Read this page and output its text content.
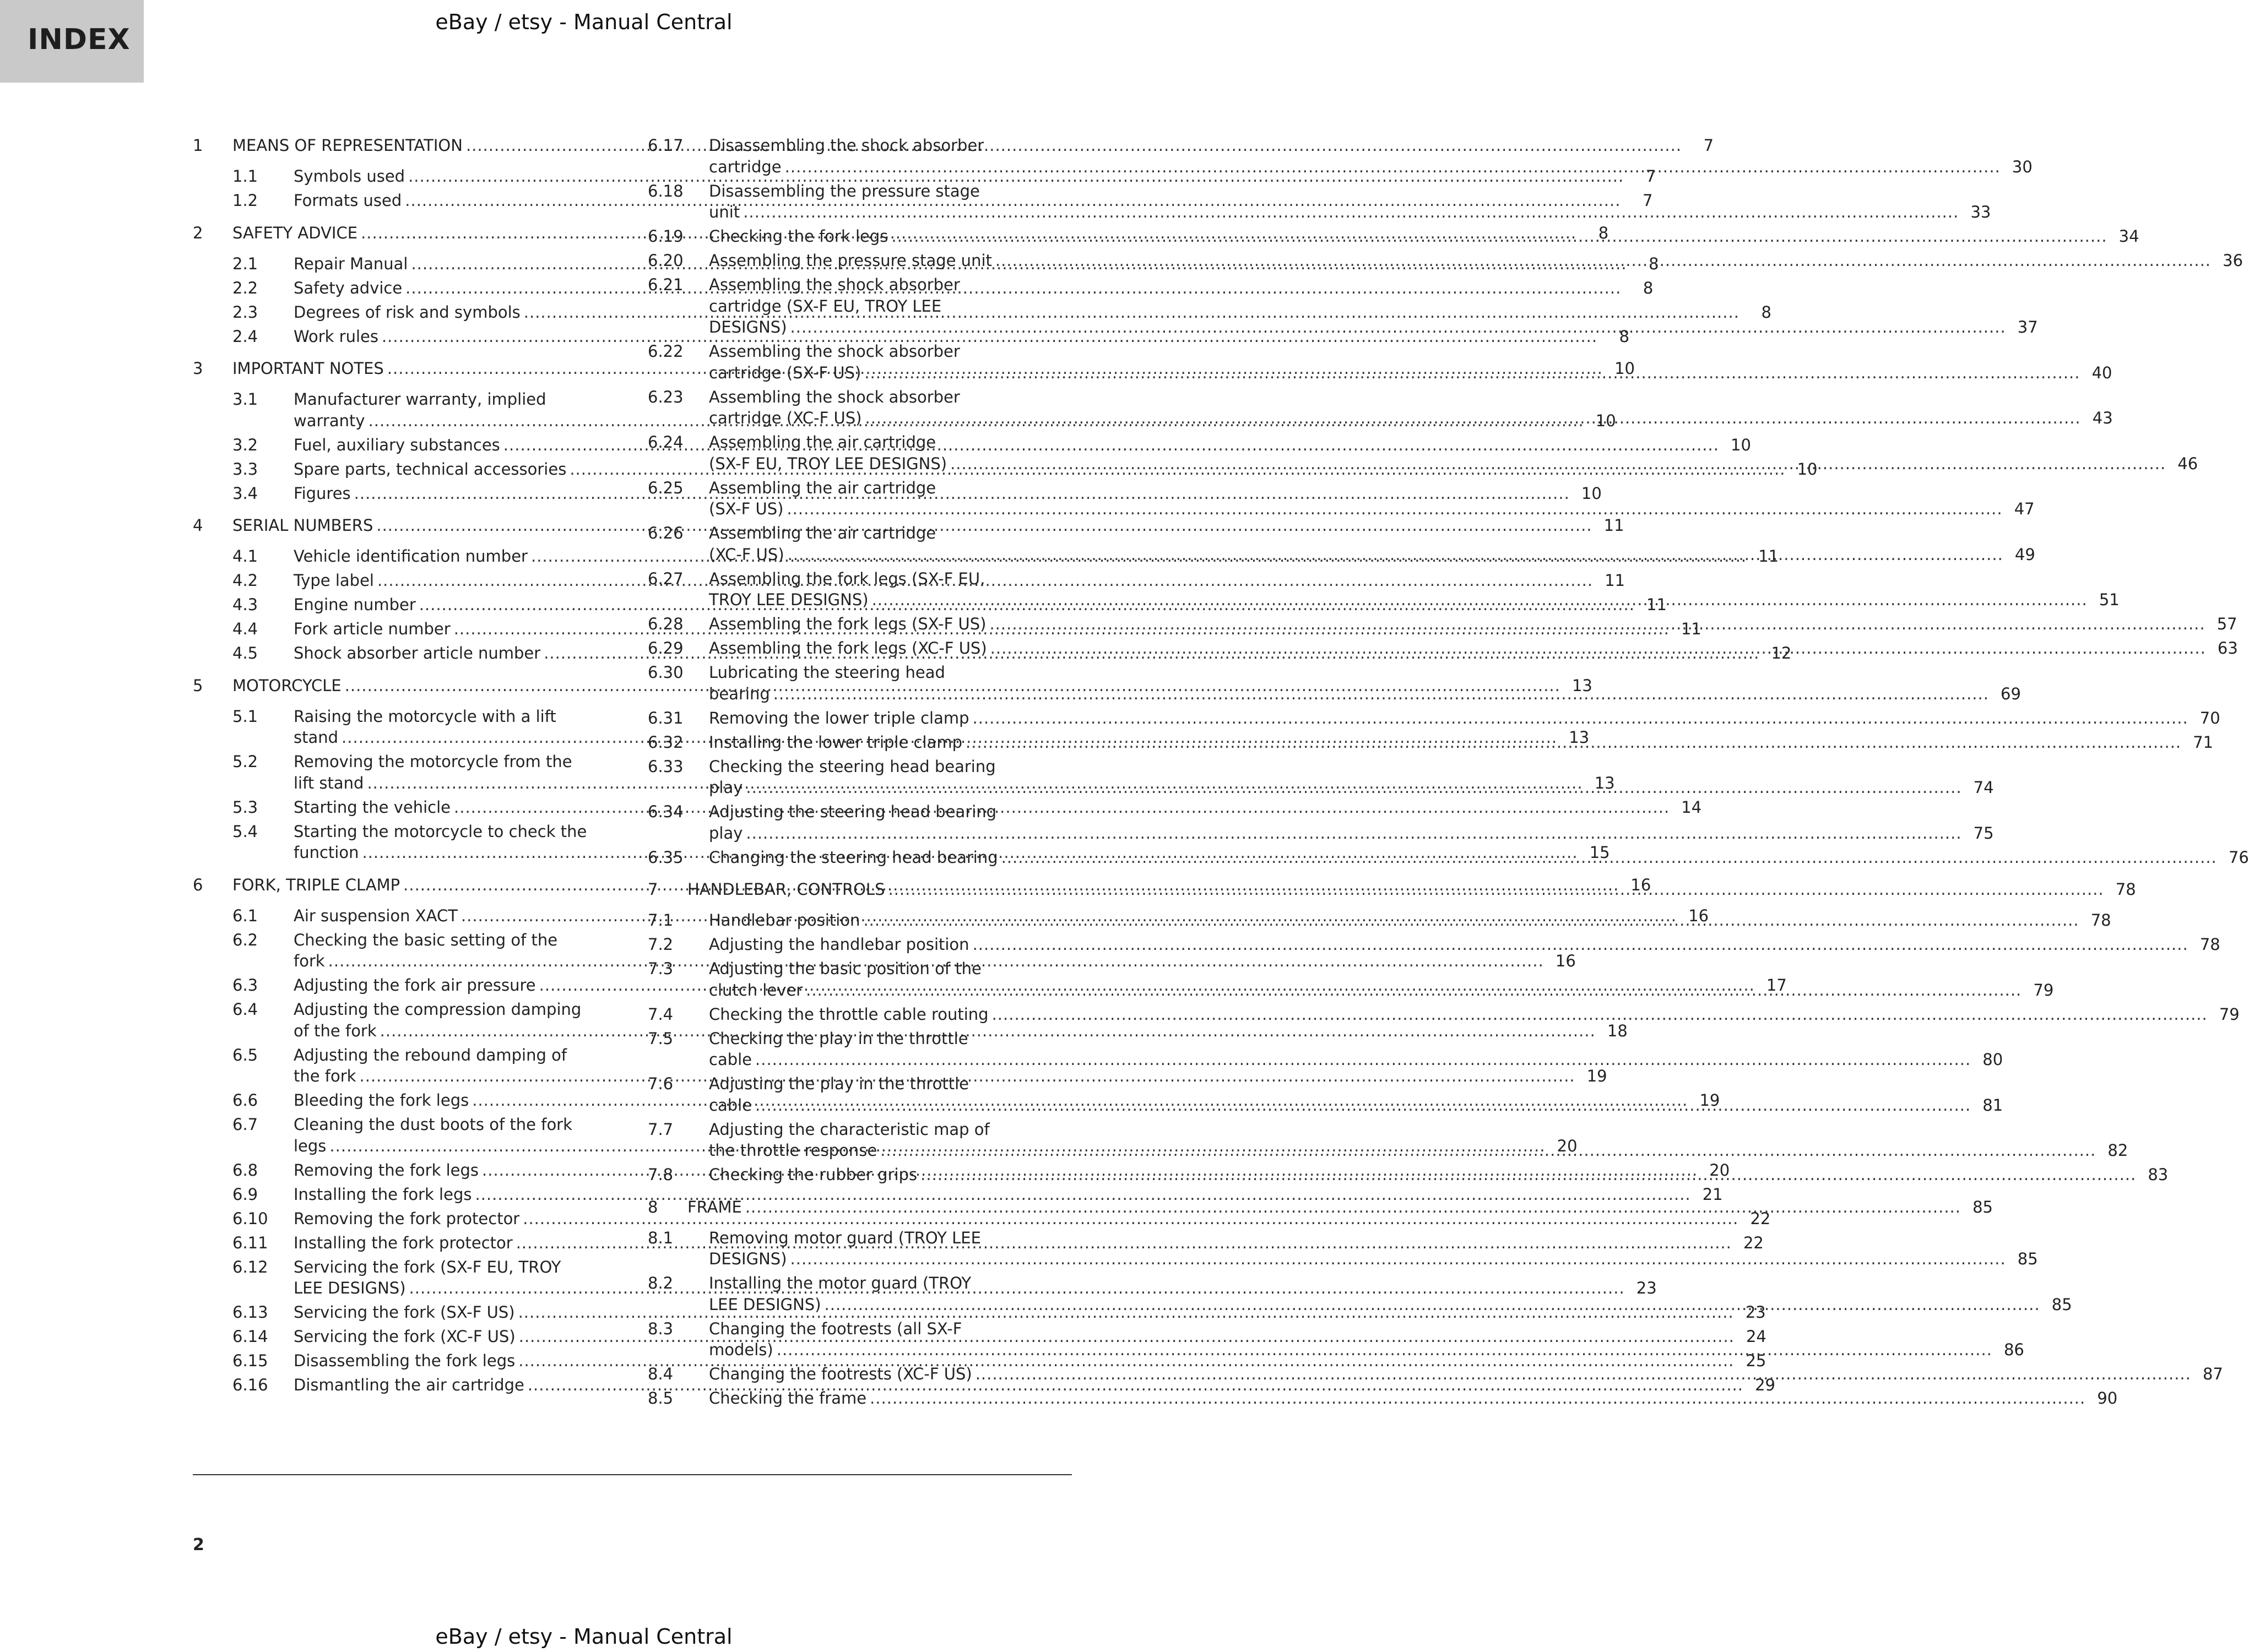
INDEX
eBay / etsy - Manual Central
1	MEANS OF REPRESENTATION .....	7
1.1	Symbols used .....	7
1.2	Formats used .....	7
2	SAFETY ADVICE .....	8
2.1	Repair Manual .....	8
2.2	Safety advice .....	8
2.3	Degrees of risk and symbols .....	8
2.4	Work rules .....	8
3	IMPORTANT NOTES .....	10
3.1	Manufacturer warranty, implied
warranty .....	10
3.2	Fuel, auxiliary substances .....	10
3.3	Spare parts, technical accessories .....	10
3.4	Figures .....	10
4	SERIAL NUMBERS .....	11
4.1	Vehicle identification number .....	11
4.2	Type label .....	11
4.3	Engine number .....	11
4.4	Fork article number .....	11
4.5	Shock absorber article number .....	12
5	MOTORCYCLE .....	13
5.1	Raising the motorcycle with a lift
stand .....	13
5.2	Removing the motorcycle from the
lift stand .....	13
5.3	Starting the vehicle .....	14
5.4	Starting the motorcycle to check the
function .....	15
6	FORK, TRIPLE CLAMP .....	16
6.1	Air suspension XACT .....	16
6.2	Checking the basic setting of the
fork .....	16
6.3	Adjusting the fork air pressure .....	17
6.4	Adjusting the compression damping
of the fork .....	18
6.5	Adjusting the rebound damping of
the fork .....	19
6.6	Bleeding the fork legs .....	19
6.7	Cleaning the dust boots of the fork
legs .....	20
6.8	Removing the fork legs .....	20
6.9	Installing the fork legs .....	21
6.10	Removing the fork protector .....	22
6.11	Installing the fork protector .....	22
6.12	Servicing the fork (SX-F EU, TROY
LEE DESIGNS) .....	23
6.13	Servicing the fork (SX-F US) .....	23
6.14	Servicing the fork (XC-F US) .....	24
6.15	Disassembling the fork legs .....	25
6.16	Dismantling the air cartridge .....	29
6.17	Disassembling the shock absorber
cartridge .....	30
6.18	Disassembling the pressure stage
unit .....	33
6.19	Checking the fork legs .....	34
6.20	Assembling the pressure stage unit .....	36
6.21	Assembling the shock absorber
cartridge (SX-F EU, TROY LEE
DESIGNS) .....	37
6.22	Assembling the shock absorber
cartridge (SX-F US) .....	40
6.23	Assembling the shock absorber
cartridge (XC-F US) .....	43
6.24	Assembling the air cartridge
(SX-F EU, TROY LEE DESIGNS) .....	46
6.25	Assembling the air cartridge
(SX-F US) .....	47
6.26	Assembling the air cartridge
(XC-F US) .....	49
6.27	Assembling the fork legs (SX-F EU,
TROY LEE DESIGNS) .....	51
6.28	Assembling the fork legs (SX-F US) .....	57
6.29	Assembling the fork legs (XC-F US) .....	63
6.30	Lubricating the steering head
bearing .....	69
6.31	Removing the lower triple clamp .....	70
6.32	Installing the lower triple clamp .....	71
6.33	Checking the steering head bearing
play .....	74
6.34	Adjusting the steering head bearing
play .....	75
6.35	Changing the steering head bearing .....	76
7	HANDLEBAR, CONTROLS .....	78
7.1	Handlebar position .....	78
7.2	Adjusting the handlebar position .....	78
7.3	Adjusting the basic position of the
clutch lever .....	79
7.4	Checking the throttle cable routing .....	79
7.5	Checking the play in the throttle
cable .....	80
7.6	Adjusting the play in the throttle
cable .....	81
7.7	Adjusting the characteristic map of
the throttle response .....	82
7.8	Checking the rubber grips .....	83
8	FRAME .....	85
8.1	Removing motor guard (TROY LEE
DESIGNS) .....	85
8.2	Installing the motor guard (TROY
LEE DESIGNS) .....	85
8.3	Changing the footrests (all SX-F
models) .....	86
8.4	Changing the footrests (XC-F US) .....	87
8.5	Checking the frame .....	90
2
eBay / etsy - Manual Central
